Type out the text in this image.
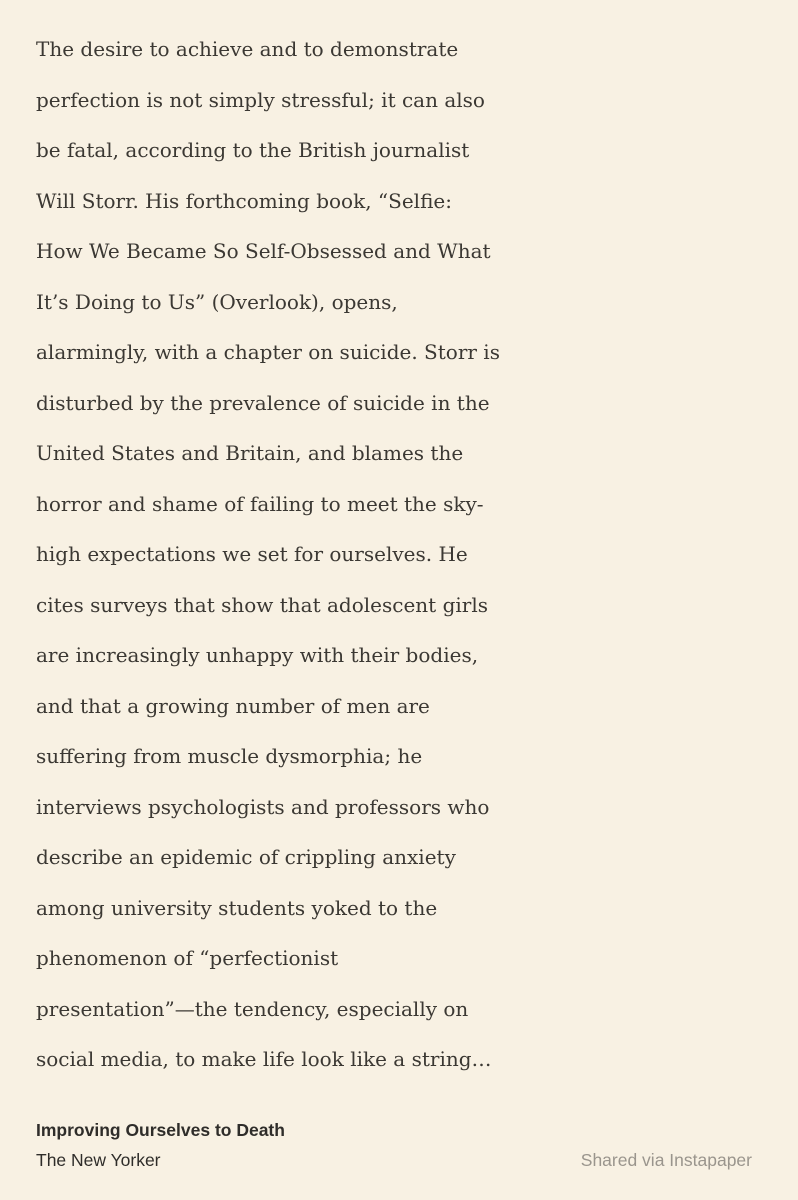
The desire to achieve and to demonstrate
perfection is not simply stressful; it can also
be fatal, according to the British journalist
Will Storr. His forthcoming book, “Selfie:
How We Became So Self-Obsessed and What
It’s Doing to Us” (Overlook), opens,
alarmingly, with a chapter on suicide. Storr is
disturbed by the prevalence of suicide in the
United States and Britain, and blames the
horror and shame of failing to meet the sky-
high expectations we set for ourselves. He
cites surveys that show that adolescent girls
are increasingly unhappy with their bodies,
and that a growing number of men are
suffering from muscle dysmorphia; he
interviews psychologists and professors who
describe an epidemic of crippling anxiety
among university students yoked to the
phenomenon of “perfectionist
presentation”—the tendency, especially on
social media, to make life look like a string…
Improving Ourselves to Death
The New Yorker	Shared via Instapaper
